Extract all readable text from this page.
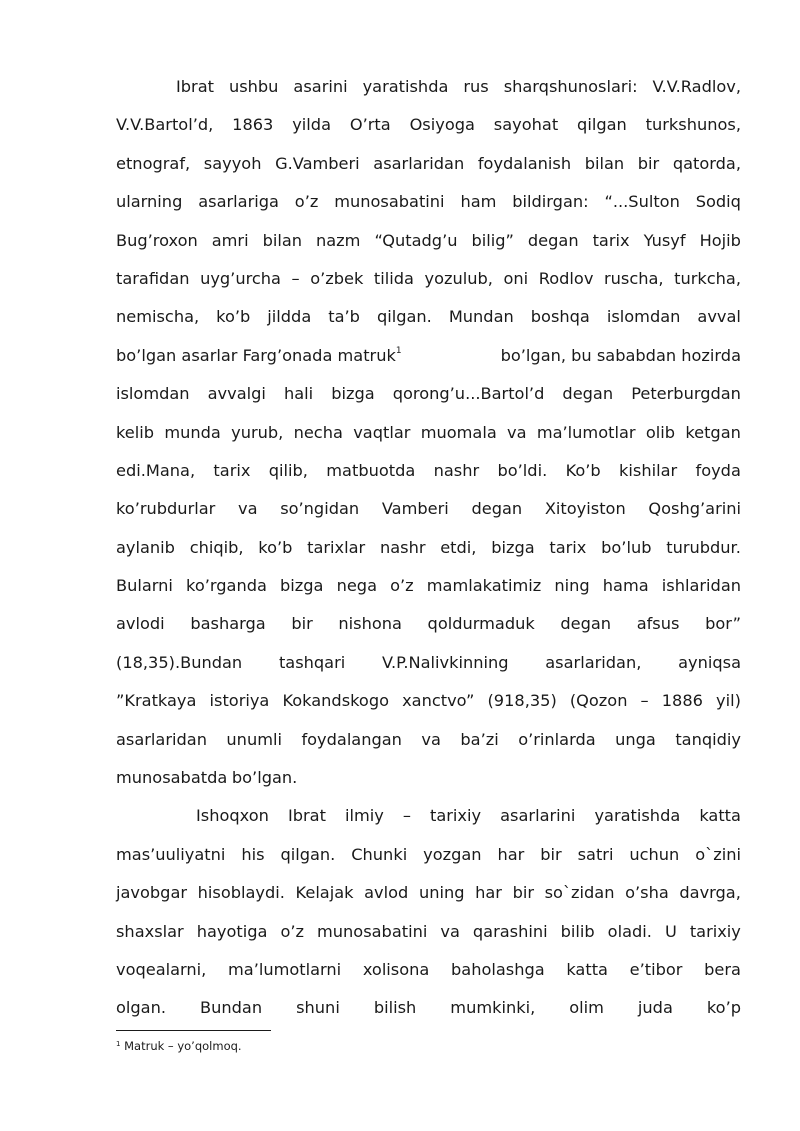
Ibrat ushbu asarini yaratishda rus sharqshunoslari: V.V.Radlov,
V.V.Bartol’d, 1863 yilda O’rta Osiyoga sayohat qilgan turkshunos,
etnograf, sayyoh G.Vamberi asarlaridan foydalanish bilan bir qatorda,
ularning asarlariga o’z munosabatini ham bildirgan: “...Sulton Sodiq
Bug’roxon amri bilan nazm “Qutadg’u bilig” degan tarix Yusyf Hojib
tarafidan uyg’urcha – o’zbek tilida yozulub, oni Rodlov ruscha, turkcha,
nemischa, ko’b jildda ta’b qilgan. Mundan boshqa islomdan avval
bo’lgan asarlar Farg’onada matruk$^1$	bo’lgan, bu sababdan hozirda
islomdan avvalgi hali bizga qorong’u...Bartol’d degan Peterburgdan
kelib munda yurub, necha vaqtlar muomala va ma’lumotlar olib ketgan
edi.Mana, tarix qilib, matbuotda nashr bo’ldi. Ko’b kishilar foyda
ko’rubdurlar va so’ngidan Vamberi degan Xitoyiston Qoshg’arini
aylanib chiqib, ko’b tarixlar nashr etdi, bizga tarix bo’lub turubdur.
Bularni ko’rganda bizga nega o’z mamlakatimiz ning hama ishlaridan
avlodi basharga bir nishona qoldurmaduk degan afsus bor”
(18,35).Bundan tashqari V.P.Nalivkinning asarlaridan, ayniqsa
”Kratkaya istoriya Kokandskogo xanctvo” (918,35) (Qozon – 1886 yil)
asarlaridan unumli foydalangan va ba’zi o’rinlarda unga tanqidiy
munosabatda bo’lgan.
Ishoqxon Ibrat ilmiy – tarixiy asarlarini yaratishda katta
mas’uuliyatni his qilgan. Chunki yozgan har bir satri uchun o`zini
javobgar hisoblaydi. Kelajak avlod uning har bir so`zidan o’sha davrga,
shaxslar hayotiga o’z munosabatini va qarashini bilib oladi. U tarixiy
voqealarni, ma’lumotlarni xolisona baholashga katta e’tibor bera
olgan. Bundan shuni bilish mumkinki, olim juda ko’p
$^1$ Matruk – yo’qolmoq.
